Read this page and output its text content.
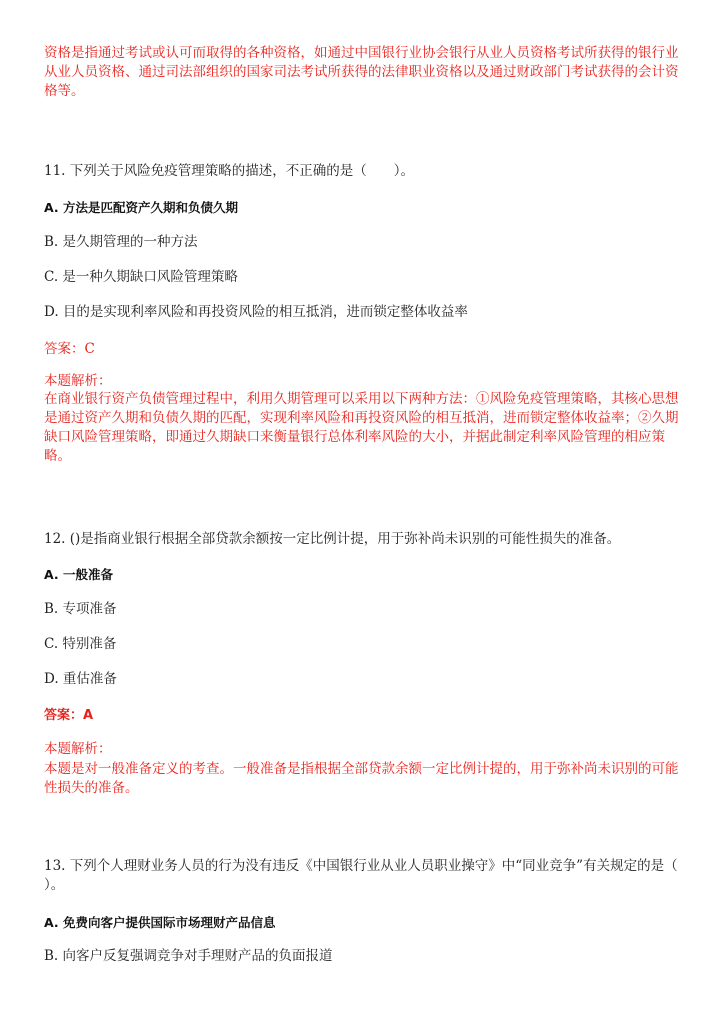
资格是指通过考试或认可而取得的各种资格，如通过中国银行业协会银行从业人员资格考试所获得的银行业从业人员资格、通过司法部组织的国家司法考试所获得的法律职业资格以及通过财政部门考试获得的会计资格等。
11. 下列关于风险免疫管理策略的描述，不正确的是（　　）。
A. 方法是匹配资产久期和负债久期
B. 是久期管理的一种方法
C. 是一种久期缺口风险管理策略
D. 目的是实现利率风险和再投资风险的相互抵消，进而锁定整体收益率
答案：C
本题解析：
在商业银行资产负债管理过程中，利用久期管理可以采用以下两种方法：①风险免疫管理策略，其核心思想是通过资产久期和负债久期的匹配，实现利率风险和再投资风险的相互抵消，进而锁定整体收益率；②久期缺口风险管理策略，即通过久期缺口来衡量银行总体利率风险的大小，并据此制定利率风险管理的相应策略。
12. ()是指商业银行根据全部贷款余额按一定比例计提，用于弥补尚未识别的可能性损失的准备。
A. 一般准备
B. 专项准备
C. 特别准备
D. 重估准备
答案：A
本题解析：
本题是对一般准备定义的考查。一般准备是指根据全部贷款余额一定比例计提的，用于弥补尚未识别的可能性损失的准备。
13. 下列个人理财业务人员的行为没有违反《中国银行业从业人员职业操守》中“同业竞争”有关规定的是（ ）。
A. 免费向客户提供国际市场理财产品信息
B. 向客户反复强调竞争对手理财产品的负面报道
